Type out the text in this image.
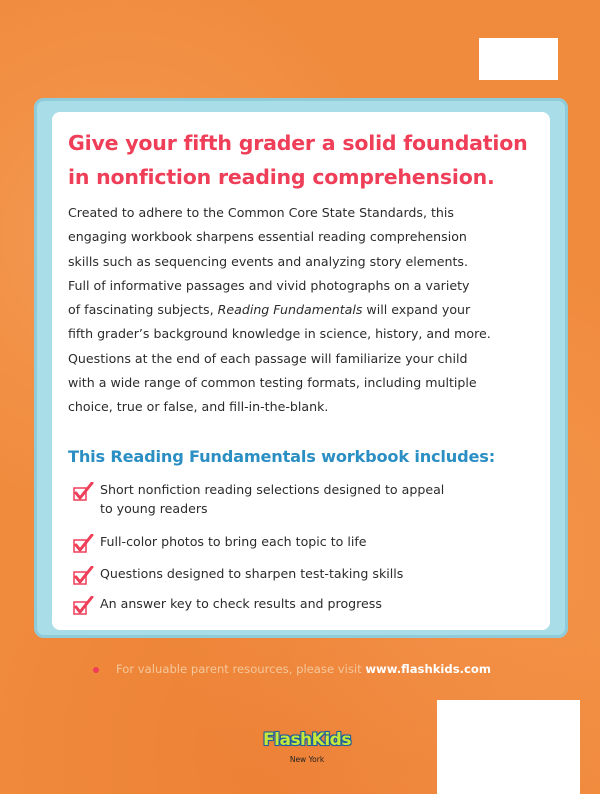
Give your fifth grader a solid foundation
in nonfiction reading comprehension.
Created to adhere to the Common Core State Standards, this
engaging workbook sharpens essential reading comprehension
skills such as sequencing events and analyzing story elements.
Full of informative passages and vivid photographs on a variety
of fascinating subjects, Reading Fundamentals will expand your
fifth grader’s background knowledge in science, history, and more.
Questions at the end of each passage will familiarize your child
with a wide range of common testing formats, including multiple
choice, true or false, and fill-in-the-blank.
This Reading Fundamentals workbook includes:
Short nonfiction reading selections designed to appeal
to young readers
Full-color photos to bring each topic to life
Questions designed to sharpen test-taking skills
An answer key to check results and progress
For valuable parent resources, please visit www.flashkids.com
FlashKids
New York
